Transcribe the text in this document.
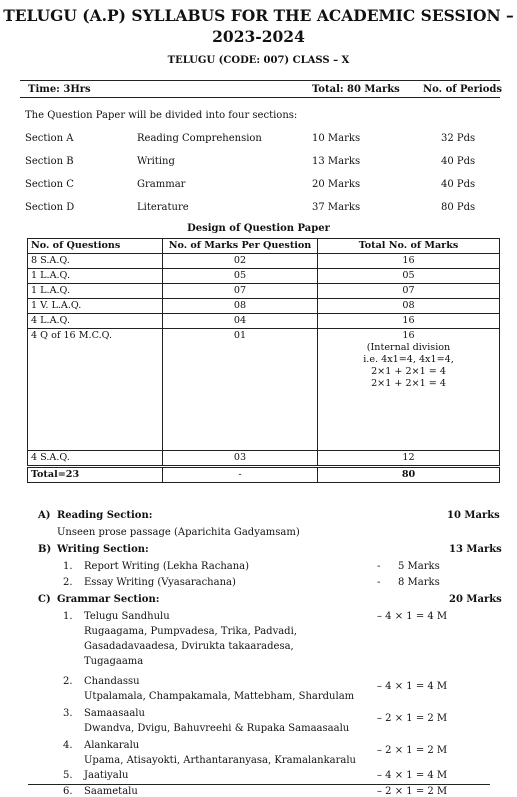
TELUGU (A.P) SYLLABUS FOR THE ACADEMIC SESSION –
2023-2024
TELUGU (CODE: 007) CLASS – X
Time: 3Hrs	Total: 80 Marks No. of Periods
The Question Paper will be divided into four sections:
Section A	Reading Comprehension	10 Marks	32 Pds
Section B	Writing	13 Marks	40 Pds
Section C	Grammar	20 Marks	40 Pds
Section D	Literature	37 Marks	80 Pds
Design of Question Paper
No. of Questions	No. of Marks Per Question	Total No. of Marks
8 S.A.Q.	02	16
1 L.A.Q.	05	05
1 L.A.Q.	07	07
1 V. L.A.Q.	08	08
4 L.A.Q.	04	16
4 Q of 16 M.C.Q.	01	16
(Internal division
i.e. 4x1=4, 4x1=4,
2×1 + 2×1 = 4
2×1 + 2×1 = 4

4 S.A.Q.	03	12
Total=23	-	80
A) Reading Section:	10 Marks
Unseen prose passage (Aparichita Gadyamsam)
B) Writing Section:	13 Marks
1. Report Writing (Lekha Rachana)	- 5 Marks
2. Essay Writing (Vyasarachana)	- 8 Marks
C) Grammar Section:	20 Marks
1. Telugu Sandhulu	– 4 × 1 = 4 M
Rugaagama, Pumpvadesa, Trika, Padvadi,
Gasadadavaadesa, Dvirukta takaaradesa,
Tugagaama
2. Chandassu	– 4 × 1 = 4 M
Utpalamala, Champakamala, Mattebham, Shardulam
3. Samaasaalu	– 2 × 1 = 2 M
Dwandva, Dvigu, Bahuvreehi & Rupaka Samaasaalu
4. Alankaralu	– 2 × 1 = 2 M
Upama, Atisayokti, Arthantaranyasa, Kramalankaralu
5. Jaatiyalu	– 4 × 1 = 4 M
6. Saametalu	– 2 × 1 = 2 M
